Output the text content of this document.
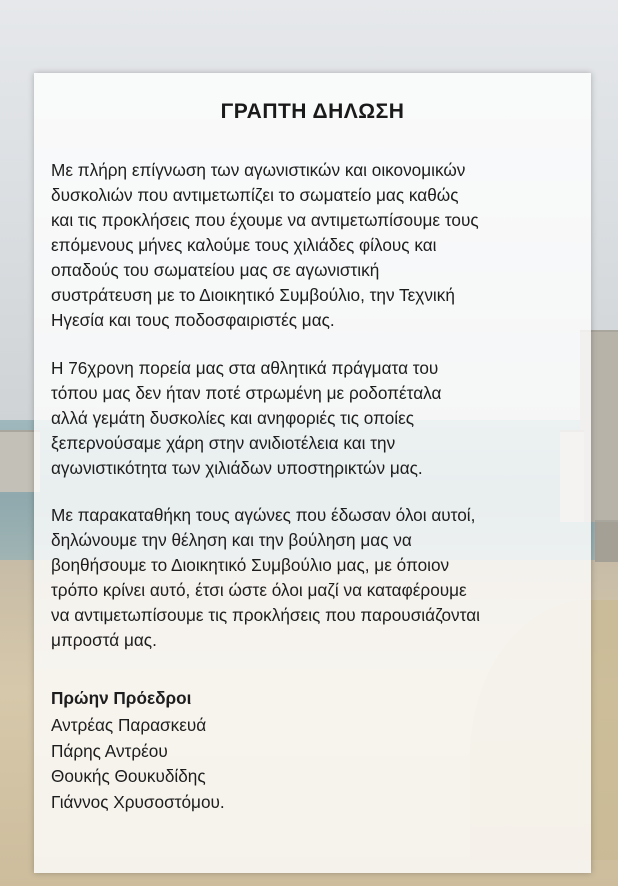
ΓΡΑΠΤΗ ΔΗΛΩΣΗ

Με πλήρη επίγνωση των αγωνιστικών και οικονομικών
δυσκολιών που αντιμετωπίζει το σωματείο μας καθώς
και τις προκλήσεις που έχουμε να αντιμετωπίσουμε τους
επόμενους μήνες καλούμε τους χιλιάδες φίλους και
οπαδούς του σωματείου μας σε αγωνιστική
συστράτευση με το Διοικητικό Συμβούλιο, την Τεχνική
Ηγεσία και τους ποδοσφαιριστές μας.

Η 76χρονη πορεία μας στα αθλητικά πράγματα του
τόπου μας δεν ήταν ποτέ στρωμένη με ροδοπέταλα
αλλά γεμάτη δυσκολίες και ανηφοριές τις οποίες
ξεπερνούσαμε χάρη στην ανιδιοτέλεια και την
αγωνιστικότητα των χιλιάδων υποστηρικτών μας.

Με παρακαταθήκη τους αγώνες που έδωσαν όλοι αυτοί,
δηλώνουμε την θέληση και την βούληση μας να
βοηθήσουμε το Διοικητικό Συμβούλιο μας, με όποιον
τρόπο κρίνει αυτό, έτσι ώστε όλοι μαζί να καταφέρουμε
να αντιμετωπίσουμε τις προκλήσεις που παρουσιάζονται
μπροστά μας.

Πρώην Πρόεδροι

Αντρέας Παρασκευά
Πάρης Αντρέου
Θουκής Θουκυδίδης
Γιάννος Χρυσοστόμου.
